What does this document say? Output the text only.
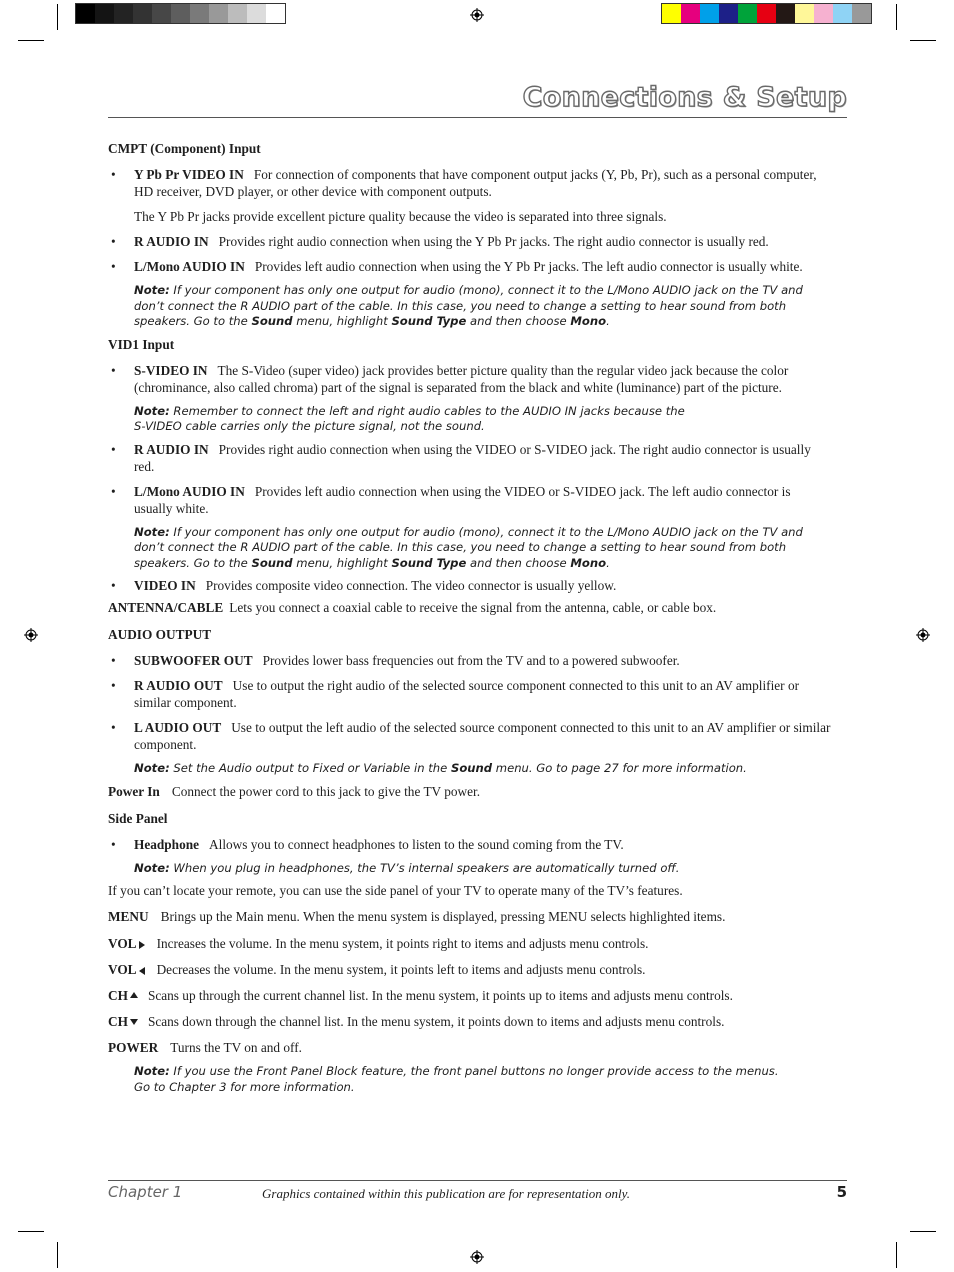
Connections & Setup

CMPT (Component) Input

• Y Pb Pr VIDEO IN For connection of components that have component output jacks (Y, Pb, Pr), such as a personal computer, HD receiver, DVD player, or other device with component outputs.

The Y Pb Pr jacks provide excellent picture quality because the video is separated into three signals.

• R AUDIO IN Provides right audio connection when using the Y Pb Pr jacks. The right audio connector is usually red.
• L/Mono AUDIO IN Provides left audio connection when using the Y Pb Pr jacks. The left audio connector is usually white.

Note: If your component has only one output for audio (mono), connect it to the L/Mono AUDIO jack on the TV and don’t connect the R AUDIO part of the cable. In this case, you need to change a setting to hear sound from both speakers. Go to the Sound menu, highlight Sound Type and then choose Mono.

VID1 Input

• S-VIDEO IN The S-Video (super video) jack provides better picture quality than the regular video jack because the color (chrominance, also called chroma) part of the signal is separated from the black and white (luminance) part of the picture.

Note: Remember to connect the left and right audio cables to the AUDIO IN jacks because the
S-VIDEO cable carries only the picture signal, not the sound.

• R AUDIO IN Provides right audio connection when using the VIDEO or S-VIDEO jack. The right audio connector is usually red.
• L/Mono AUDIO IN Provides left audio connection when using the VIDEO or S-VIDEO jack. The left audio connector is usually white.

Note: If your component has only one output for audio (mono), connect it to the L/Mono AUDIO jack on the TV and don’t connect the R AUDIO part of the cable. In this case, you need to change a setting to hear sound from both speakers. Go to the Sound menu, highlight Sound Type and then choose Mono.

• VIDEO IN Provides composite video connection. The video connector is usually yellow.

ANTENNA/CABLE Lets you connect a coaxial cable to receive the signal from the antenna, cable, or cable box.

AUDIO OUTPUT

• SUBWOOFER OUT Provides lower bass frequencies out from the TV and to a powered subwoofer.
• R AUDIO OUT Use to output the right audio of the selected source component connected to this unit to an AV amplifier or similar component.
• L AUDIO OUT Use to output the left audio of the selected source component connected to this unit to an AV amplifier or similar component.

Note: Set the Audio output to Fixed or Variable in the Sound menu. Go to page 27 for more information.

Power In Connect the power cord to this jack to give the TV power.

Side Panel

• Headphone Allows you to connect headphones to listen to the sound coming from the TV.

Note: When you plug in headphones, the TV’s internal speakers are automatically turned off.

If you can’t locate your remote, you can use the side panel of your TV to operate many of the TV’s features.

MENU Brings up the Main menu. When the menu system is displayed, pressing MENU selects highlighted items.

VOL Increases the volume. In the menu system, it points right to items and adjusts menu controls.

VOL Decreases the volume. In the menu system, it points left to items and adjusts menu controls.

CH Scans up through the current channel list. In the menu system, it points up to items and adjusts menu controls.

CH Scans down through the channel list. In the menu system, it points down to items and adjusts menu controls.

POWER Turns the TV on and off.

Note: If you use the Front Panel Block feature, the front panel buttons no longer provide access to the menus.
Go to Chapter 3 for more information.

Chapter 1	Graphics contained within this publication are for representation only.	5
